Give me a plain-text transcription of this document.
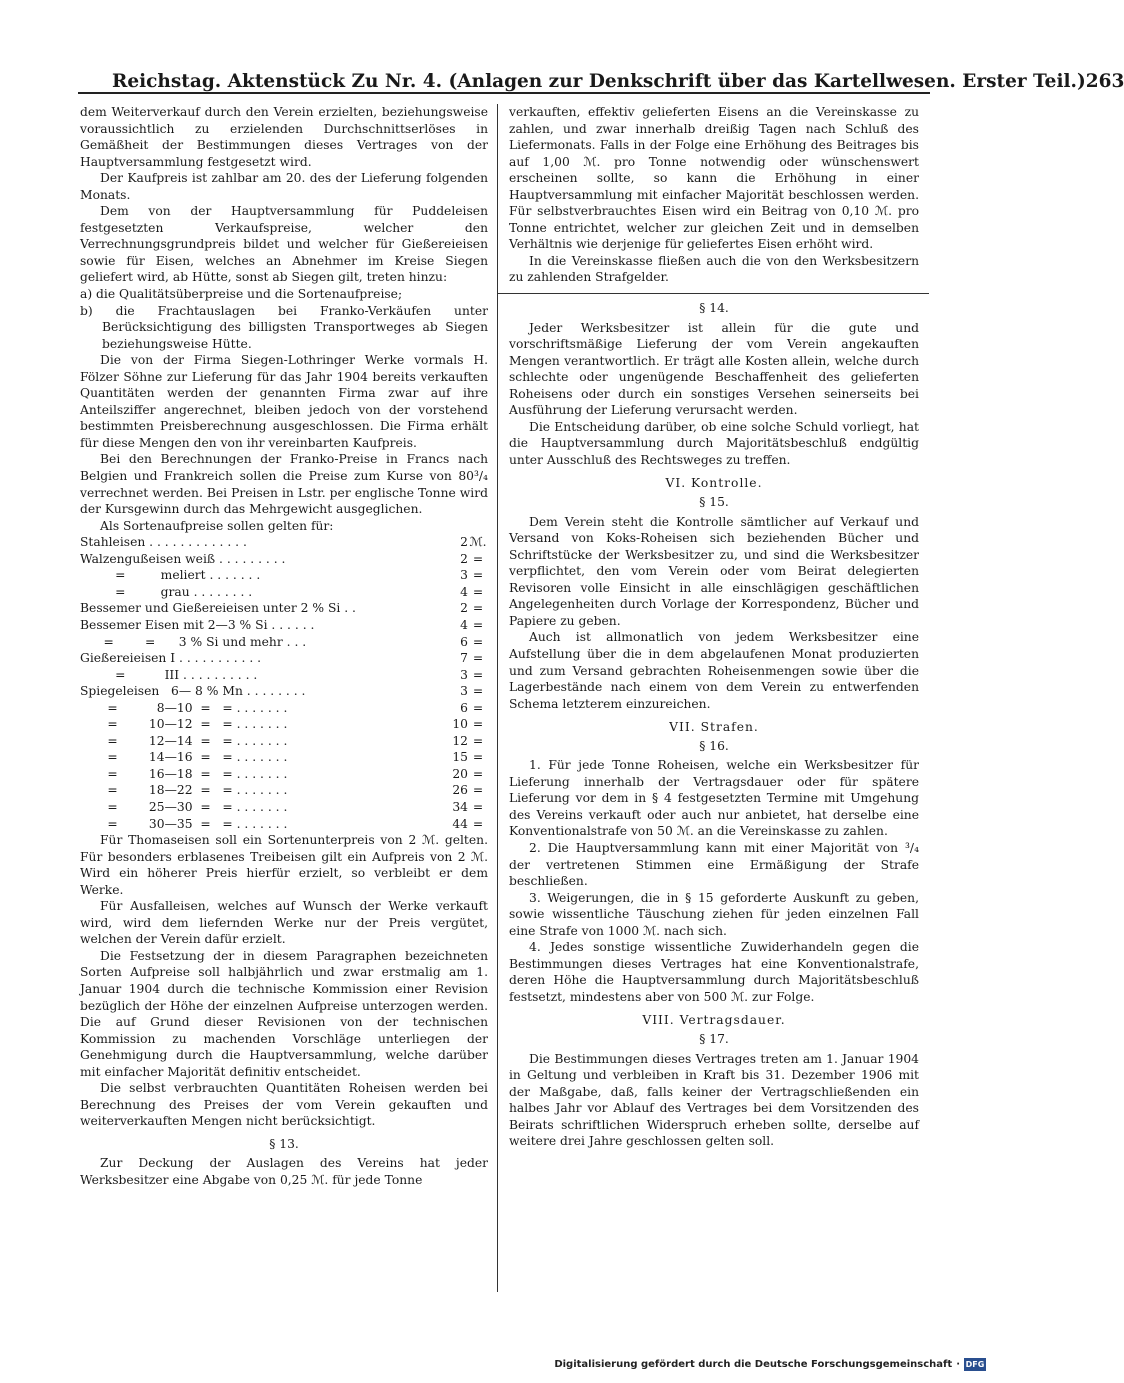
Reichstag. Aktenstück Zu Nr. 4. (Anlagen zur Denkschrift über das Kartellwesen. Erster Teil.) 263

dem Weiterverkauf durch den Verein erzielten, beziehungsweise voraussichtlich zu erzielenden Durchschnittserlöses in Gemäßheit der Bestimmungen dieses Vertrages von der Hauptversammlung festgesetzt wird.

Der Kaufpreis ist zahlbar am 20. des der Lieferung folgenden Monats.

Dem von der Hauptversammlung für Puddeleisen festgesetzten Verkaufspreise, welcher den Verrechnungsgrundpreis bildet und welcher für Gießereieisen sowie für Eisen, welches an Abnehmer im Kreise Siegen geliefert wird, ab Hütte, sonst ab Siegen gilt, treten hinzu:

a) die Qualitätsüberpreise und die Sortenaufpreise;

b) die Frachtauslagen bei Franko-Verkäufen unter Berücksichtigung des billigsten Transportweges ab Siegen beziehungsweise Hütte.

Die von der Firma Siegen-Lothringer Werke vormals H. Fölzer Söhne zur Lieferung für das Jahr 1904 bereits verkauften Quantitäten werden der genannten Firma zwar auf ihre Anteilsziffer angerechnet, bleiben jedoch von der vorstehend bestimmten Preisberechnung ausgeschlossen. Die Firma erhält für diese Mengen den von ihr vereinbarten Kaufpreis.

Bei den Berechnungen der Franko-Preise in Francs nach Belgien und Frankreich sollen die Preise zum Kurse von 80³/₄ verrechnet werden. Bei Preisen in Lstr. per englische Tonne wird der Kursgewinn durch das Mehrgewicht ausgeglichen.

Als Sortenaufpreise sollen gelten für:

Stahleisen . . . . . . . . . . . . .	2 ℳ.
Walzengußeisen weiß . . . . . . . . .	2 =
=         meliert . . . . . . .	3 =
=         grau . . . . . . . .	4 =
Bessemer und Gießereieisen unter 2 % Si . .	2 =
Bessemer Eisen mit 2—3 % Si . . . . . .	4 =
=        =      3 % Si und mehr . . .	6 =
Gießereieisen I . . . . . . . . . . .	7 =
=          III . . . . . . . . . .	3 =
Spiegeleisen   6— 8 % Mn . . . . . . . .	3 =
=          8—10  =   = . . . . . . .	6 =
=        10—12  =   = . . . . . . .	10 =
=        12—14  =   = . . . . . . .	12 =
=        14—16  =   = . . . . . . .	15 =
=        16—18  =   = . . . . . . .	20 =
=        18—22  =   = . . . . . . .	26 =
=        25—30  =   = . . . . . . .	34 =
=        30—35  =   = . . . . . . .	44 =

Für Thomaseisen soll ein Sortenunterpreis von 2 ℳ. gelten. Für besonders erblasenes Treibeisen gilt ein Aufpreis von 2 ℳ. Wird ein höherer Preis hierfür erzielt, so verbleibt er dem Werke.

Für Ausfalleisen, welches auf Wunsch der Werke verkauft wird, wird dem liefernden Werke nur der Preis vergütet, welchen der Verein dafür erzielt.

Die Festsetzung der in diesem Paragraphen bezeichneten Sorten Aufpreise soll halbjährlich und zwar erstmalig am 1. Januar 1904 durch die technische Kommission einer Revision bezüglich der Höhe der einzelnen Aufpreise unterzogen werden. Die auf Grund dieser Revisionen von der technischen Kommission zu machenden Vorschläge unterliegen der Genehmigung durch die Hauptversammlung, welche darüber mit einfacher Majorität definitiv entscheidet.

Die selbst verbrauchten Quantitäten Roheisen werden bei Berechnung des Preises der vom Verein gekauften und weiterverkauften Mengen nicht berücksichtigt.

§ 13.

Zur Deckung der Auslagen des Vereins hat jeder Werksbesitzer eine Abgabe von 0,25 ℳ. für jede Tonne

verkauften, effektiv gelieferten Eisens an die Vereinskasse zu zahlen, und zwar innerhalb dreißig Tagen nach Schluß des Liefermonats. Falls in der Folge eine Erhöhung des Beitrages bis auf 1,00 ℳ. pro Tonne notwendig oder wünschenswert erscheinen sollte, so kann die Erhöhung in einer Hauptversammlung mit einfacher Majorität beschlossen werden. Für selbstverbrauchtes Eisen wird ein Beitrag von 0,10 ℳ. pro Tonne entrichtet, welcher zur gleichen Zeit und in demselben Verhältnis wie derjenige für geliefertes Eisen erhöht wird.

In die Vereinskasse fließen auch die von den Werksbesitzern zu zahlenden Strafgelder.

§ 14.

Jeder Werksbesitzer ist allein für die gute und vorschriftsmäßige Lieferung der vom Verein angekauften Mengen verantwortlich. Er trägt alle Kosten allein, welche durch schlechte oder ungenügende Beschaffenheit des gelieferten Roheisens oder durch ein sonstiges Versehen seinerseits bei Ausführung der Lieferung verursacht werden.

Die Entscheidung darüber, ob eine solche Schuld vorliegt, hat die Hauptversammlung durch Majoritätsbeschluß endgültig unter Ausschluß des Rechtsweges zu treffen.

VI. Kontrolle.

§ 15.

Dem Verein steht die Kontrolle sämtlicher auf Verkauf und Versand von Koks-Roheisen sich beziehenden Bücher und Schriftstücke der Werksbesitzer zu, und sind die Werksbesitzer verpflichtet, den vom Verein oder vom Beirat delegierten Revisoren volle Einsicht in alle einschlägigen geschäftlichen Angelegenheiten durch Vorlage der Korrespondenz, Bücher und Papiere zu geben.

Auch ist allmonatlich von jedem Werksbesitzer eine Aufstellung über die in dem abgelaufenen Monat produzierten und zum Versand gebrachten Roheisenmengen sowie über die Lagerbestände nach einem von dem Verein zu entwerfenden Schema letzterem einzureichen.

VII. Strafen.

§ 16.

1. Für jede Tonne Roheisen, welche ein Werksbesitzer für Lieferung innerhalb der Vertragsdauer oder für spätere Lieferung vor dem in § 4 festgesetzten Termine mit Umgehung des Vereins verkauft oder auch nur anbietet, hat derselbe eine Konventionalstrafe von 50 ℳ. an die Vereinskasse zu zahlen.

2. Die Hauptversammlung kann mit einer Majorität von ³/₄ der vertretenen Stimmen eine Ermäßigung der Strafe beschließen.

3. Weigerungen, die in § 15 geforderte Auskunft zu geben, sowie wissentliche Täuschung ziehen für jeden einzelnen Fall eine Strafe von 1000 ℳ. nach sich.

4. Jedes sonstige wissentliche Zuwiderhandeln gegen die Bestimmungen dieses Vertrages hat eine Konventionalstrafe, deren Höhe die Hauptversammlung durch Majoritätsbeschluß festsetzt, mindestens aber von 500 ℳ. zur Folge.

VIII. Vertragsdauer.

§ 17.

Die Bestimmungen dieses Vertrages treten am 1. Januar 1904 in Geltung und verbleiben in Kraft bis 31. Dezember 1906 mit der Maßgabe, daß, falls keiner der Vertragschließenden ein halbes Jahr vor Ablauf des Vertrages bei dem Vorsitzenden des Beirats schriftlichen Widerspruch erheben sollte, derselbe auf weitere drei Jahre geschlossen gelten soll.

Digitalisierung gefördert durch die Deutsche Forschungsgemeinschaft · DFG
